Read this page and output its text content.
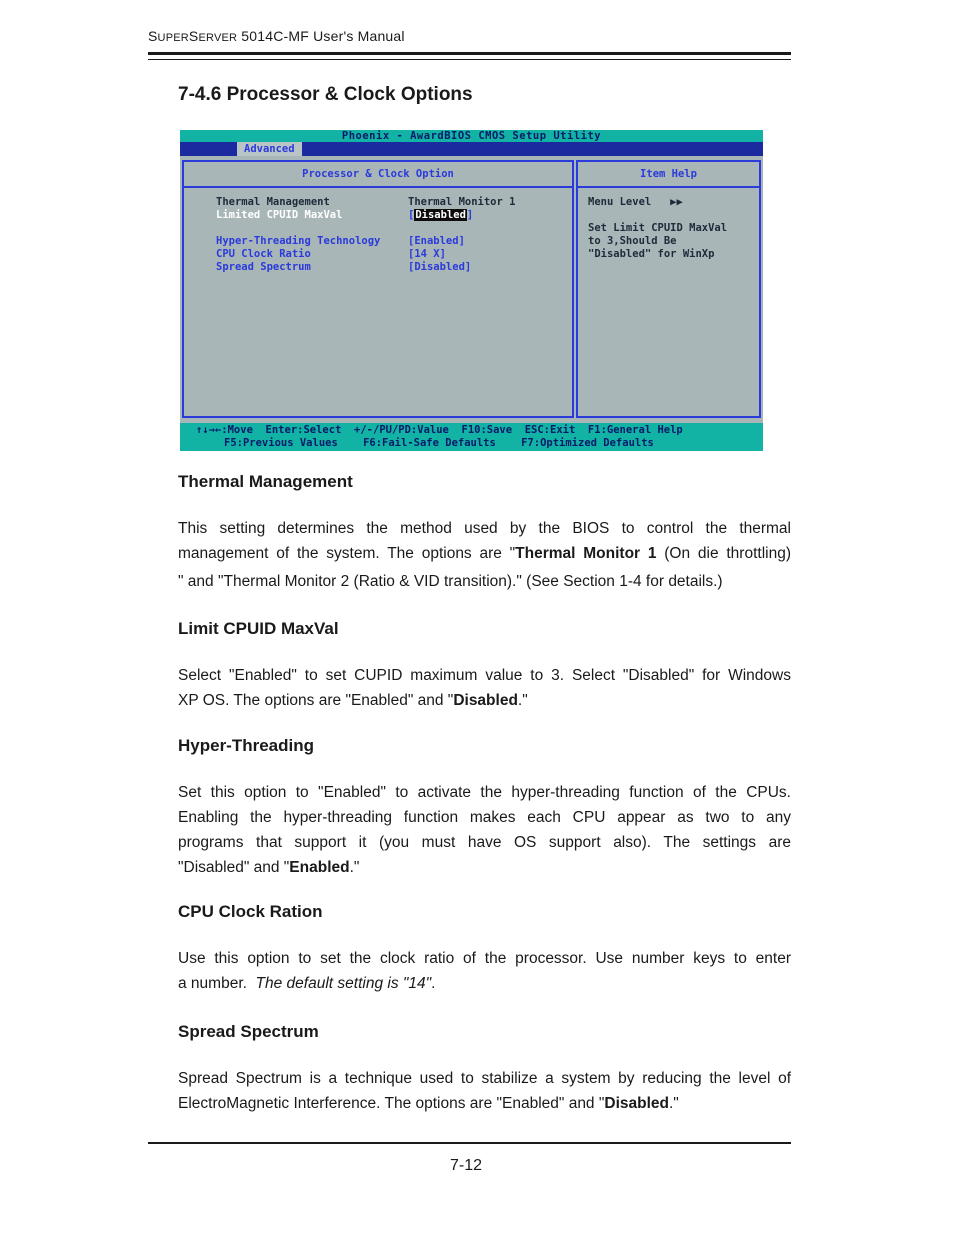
SUPERSERVER 5014C-MF User's Manual
7-4.6 Processor & Clock Options
Phoenix - AwardBIOS CMOS Setup Utility
Advanced
Processor & Clock Option
Thermal Management	Thermal Monitor 1
Limited CPUID MaxVal	[Disabled]
Hyper-Threading Technology	[Enabled]
CPU Clock Ratio	[14 X]
Spread Spectrum	[Disabled]
Item Help
Menu Level   ▶▶
Set Limit CPUID MaxVal
to 3,Should Be
"Disabled" for WinXp
↑↓→←:Move  Enter:Select  +/-/PU/PD:Value  F10:Save  ESC:Exit  F1:General Help
F5:Previous Values    F6:Fail-Safe Defaults    F7:Optimized Defaults
Thermal Management
This setting determines the method used by the BIOS to control the thermal
management of the system. The options are "Thermal Monitor 1 (On die throttling)
" and "Thermal Monitor 2 (Ratio & VID transition)." (See Section 1-4 for details.)
Limit CPUID MaxVal
Select "Enabled" to set CUPID maximum value to 3. Select "Disabled" for Windows
XP OS. The options are "Enabled" and "Disabled."
Hyper-Threading
Set this option to "Enabled" to activate the hyper-threading function of the CPUs.
Enabling the hyper-threading function makes each CPU appear as two to any
programs that support it (you must have OS support also). The settings are
"Disabled" and "Enabled."
CPU Clock Ration
Use this option to set the clock ratio of the processor. Use number keys to enter
a number.  The default setting is "14".
Spread Spectrum
Spread Spectrum is a technique used to stabilize a system by reducing the level of
ElectroMagnetic Interference. The options are "Enabled" and "Disabled."
7-12
